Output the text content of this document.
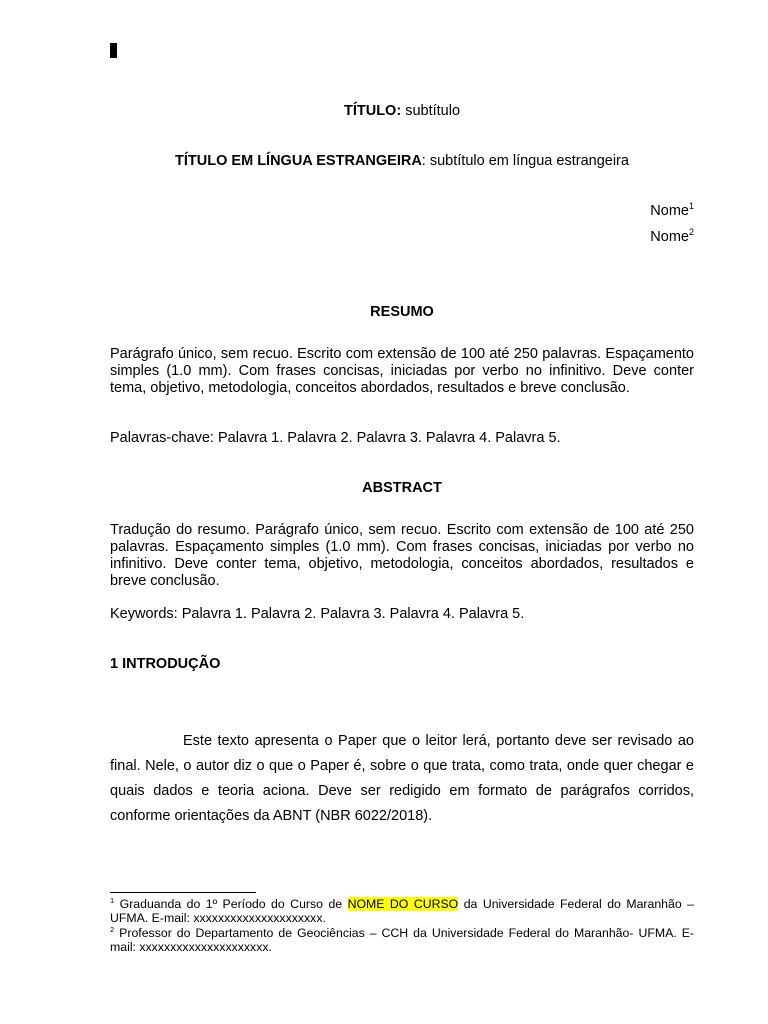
TÍTULO: subtítulo
TÍTULO EM LÍNGUA ESTRANGEIRA: subtítulo em língua estrangeira
Nome$^1$
Nome$^2$
RESUMO

Parágrafo único, sem recuo. Escrito com extensão de 100 até 250 palavras. Espaçamento simples (1.0 mm). Com frases concisas, iniciadas por verbo no infinitivo. Deve conter tema, objetivo, metodologia, conceitos abordados, resultados e breve conclusão.

Palavras-chave: Palavra 1. Palavra 2. Palavra 3. Palavra 4. Palavra 5.

ABSTRACT

Tradução do resumo. Parágrafo único, sem recuo. Escrito com extensão de 100 até 250 palavras. Espaçamento simples (1.0 mm). Com frases concisas, iniciadas por verbo no infinitivo. Deve conter tema, objetivo, metodologia, conceitos abordados, resultados e breve conclusão.

Keywords: Palavra 1. Palavra 2. Palavra 3. Palavra 4. Palavra 5.

1 INTRODUÇÃO

Este texto apresenta o Paper que o leitor lerá, portanto deve ser revisado ao final. Nele, o autor diz o que o Paper é, sobre o que trata, como trata, onde quer chegar e quais dados e teoria aciona. Deve ser redigido em formato de parágrafos corridos, conforme orientações da ABNT (NBR 6022/2018).

$^1$ Graduanda do 1º Período do Curso de NOME DO CURSO da Universidade Federal do Maranhão – UFMA. E-mail: xxxxxxxxxxxxxxxxxxxxx.

$^2$ Professor do Departamento de Geociências – CCH da Universidade Federal do Maranhão- UFMA. E-mail: xxxxxxxxxxxxxxxxxxxxx.
